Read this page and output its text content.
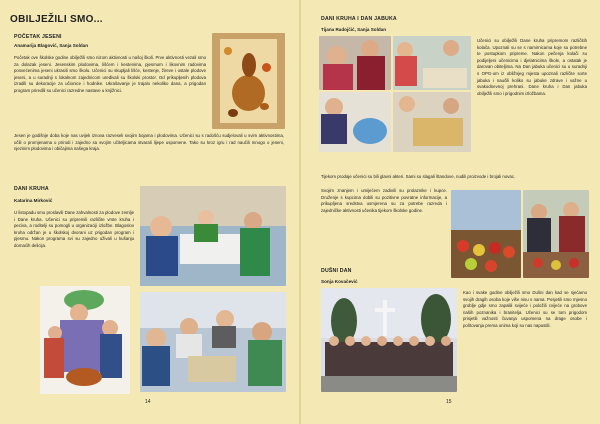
OBILJEŽILI SMO...
POČETAK JESENI
Anamarija Blagović, Sanja Soldan
Početak ove školske godine obilježili smo nizom aktivnosti u našoj školi. Prve aktivnosti vezali smo za dolazak jeseni. Jesenskim plodovima, lišćem i kestenima, pjesmom i likovnim radovima posvećenima jeseni ukrasili smo školu. Učenici su skupljali lišće, kestenje, žireve i ostale plodove jeseni, a u suradnji s lokalnom zajednicom uređivali su školski prostor. Od prikupljenih plodova izradili su dekoracije za učionice i hodnike. Ukrašavanje je trajalo nekoliko dana, a prigodan program priredili su učenici razredne nastave u knjižnici.
Jesen je godišnje doba koje nas uvijek iznova razveseli svojim bojama i plodovima. Učenici su s radošću sudjelovali u svim aktivnostima, učili o promjenama u prirodi i zajedno sa svojim učiteljicama stvarali lijepe uspomene. Tako su kroz igru i rad naučili mnogo o jeseni, njezinim plodovima i običajima našega kraja.
DANI KRUHA
Katarina Mirković
U listopadu smo proslavili Dane zahvalnosti za plodove zemlje i Dane kruha. Učenici su pripremili različite vrste kruha i peciva, a roditelji su pomogli u organizaciji izložbe. Blagoslov kruha održan je u školskoj dvorani uz prigodan program i pjesmu. Nakon programa svi su zajedno uživali u kušanju domaćih delicija.
14
DANI KRUHA I DAN JABUKA
Tijana Radojčić, Sanja Soldan
Učenici su obilježili Dane kruha pripremom različitih kolača. Upoznali su se s namirnicama koje su potrebne te postupkom pripreme. Nakon pečenja kolači su podijeljeni učenicima i djelatnicima škole, a ostatak je darovan obiteljima. Na Dan jabuka učenici su u suradnji s OPG-om iz obližnjeg mjesta upoznali različite sorte jabuka i naučili koliko su jabuke zdrave i važne u svakodnevnoj prehrani. Dane kruha i Dan jabuka obilježili smo i prigodnim izložbama.
Tijekom prodaje učenici su bili glavni akteri. Sami su slagali štandove, nudili proizvode i brojali novac.
Svojim znanjem i umijećem zadivili su prolaznike i kupce. Druženje s kupcima dobili su pozitivne povratne informacije, a prikupljena sredstva usmjerena su za potrebe razreda i zajedničke aktivnosti učenika tijekom školske godine.
DUŠNI DAN
Sonja Kovačević
Kao i svake godine obilježili smo Dušni dan kad se sjećamo svojih dragih osoba koje više nisu s nama. Posjetili smo mjesno groblje gdje smo zapalili svijeće i položili cvijeće na grobove naših poznanika i branitelja. Učenici su se tom prigodom prisjetili važnosti čuvanja uspomena na drage osobe i poštovanja prema onima koji su nas napustili.
15
